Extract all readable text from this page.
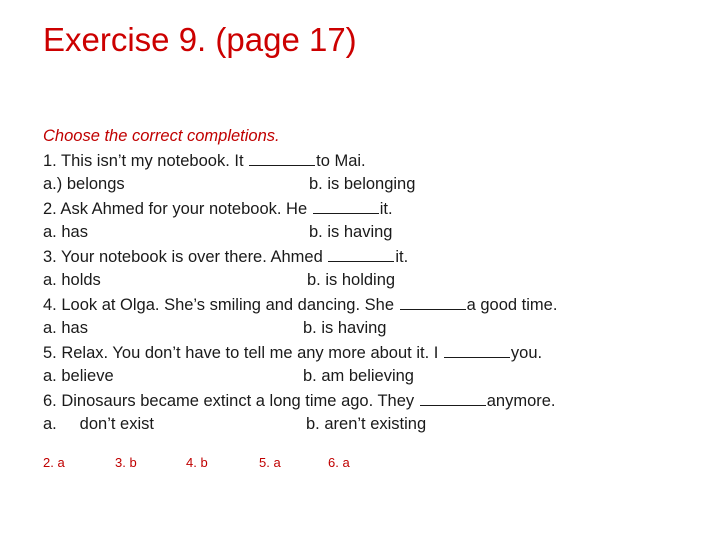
Exercise 9. (page 17)
Choose the correct completions.
1. This isn’t my notebook. It	to Mai.
a.) belongs	b. is belonging
2. Ask Ahmed for your notebook. He	it.
a. has	b. is having
3. Your notebook is over there. Ahmed	it.
a. holds	b. is holding
4. Look at Olga. She’s smiling and dancing. She	a good time.
a. has	b. is having
5. Relax. You don’t have to tell me any more about it. I	you.
a. believe	b. am believing
6. Dinosaurs became extinct a long time ago. They	anymore.
a.     don’t exist	b. aren’t existing
2. a	3. b	4. b	5. a	6. a
